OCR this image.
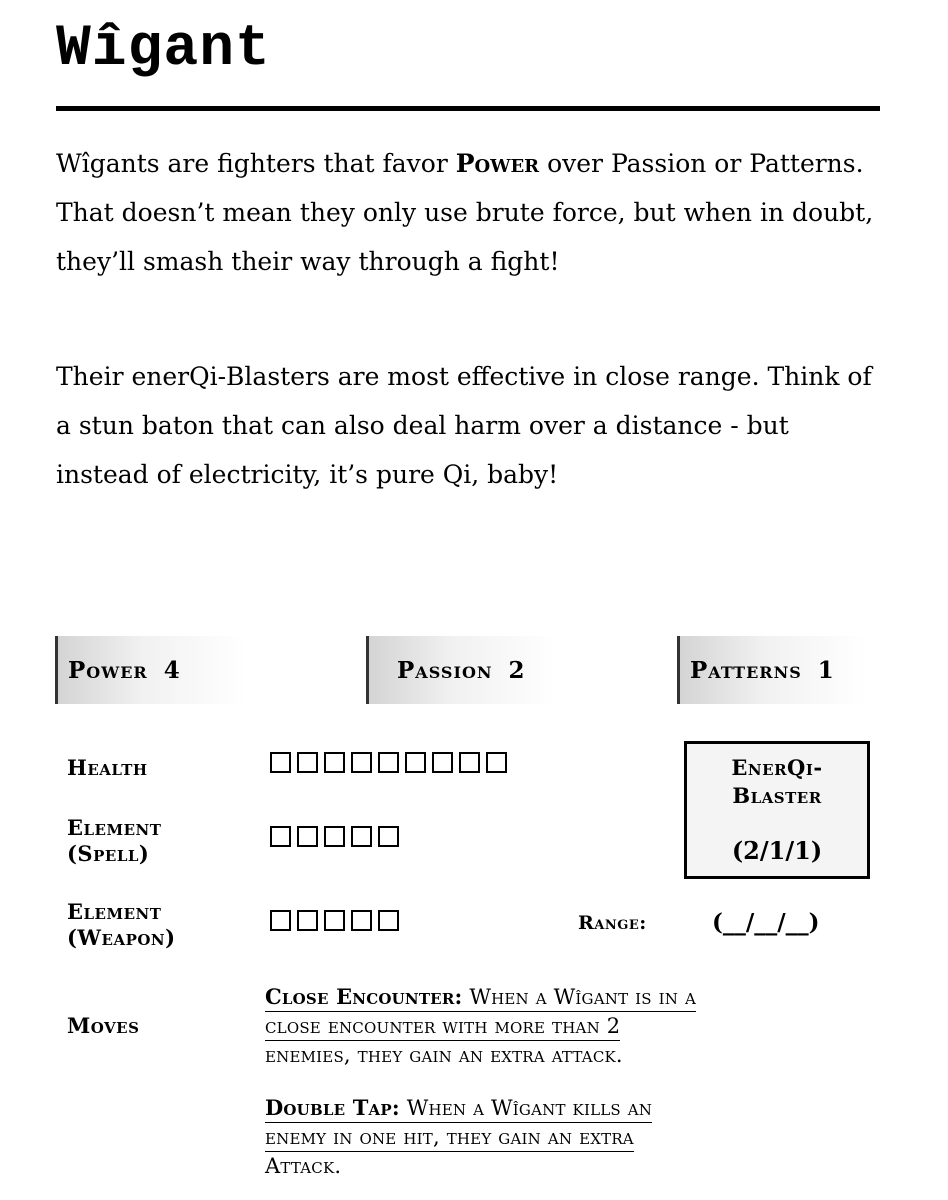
Wîgant

Wîgants are fighters that favor Power over Passion or Patterns. That doesn’t mean they only use brute force, but when in doubt, they’ll smash their way through a fight!

Their enerQi-Blasters are most effective in close range. Think of a stun baton that can also deal harm over a distance - but instead of electricity, it’s pure Qi, baby!

Power 4	Passion 2	Patterns 1
Health
Element
(Spell)
Element
(Weapon)
EnerQi-
Blaster
(2/1/1)
Range:	(__/__/__)
Moves

Close Encounter: When a Wîgant is in a
close encounter with more than 2
enemies, they gain an extra attack.

Double Tap: When a Wîgant kills an
enemy in one hit, they gain an extra
Attack.
